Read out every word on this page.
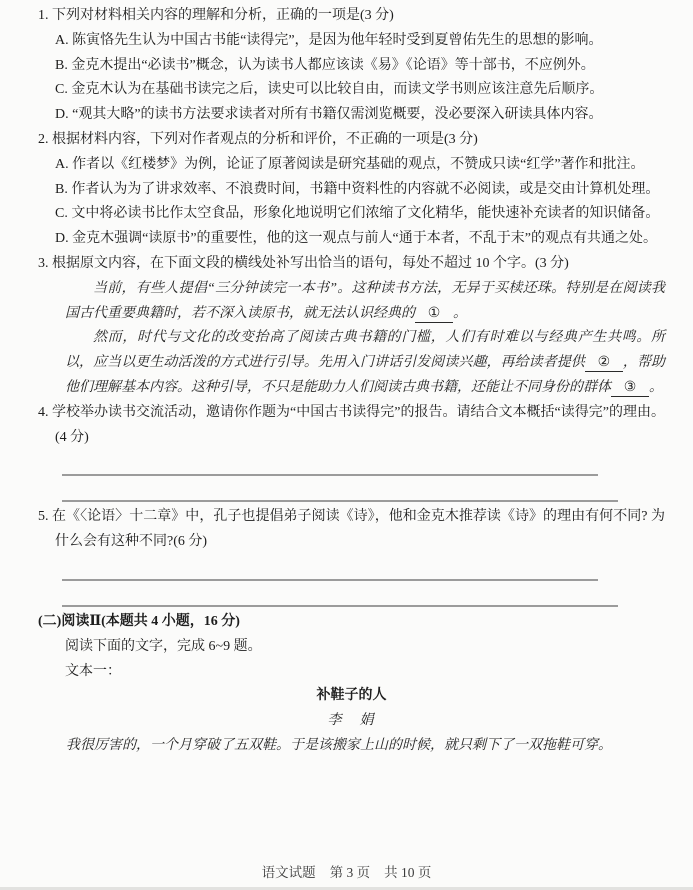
1. 下列对材料相关内容的理解和分析，正确的一项是(3 分)
A. 陈寅恪先生认为中国古书能“读得完”，是因为他年轻时受到夏曾佑先生的思想的影响。
B. 金克木提出“必读书”概念，认为读书人都应该读《易》《论语》等十部书，不应例外。
C. 金克木认为在基础书读完之后，读史可以比较自由，而读文学书则应该注意先后顺序。
D. “观其大略”的读书方法要求读者对所有书籍仅需浏览概要，没必要深入研读具体内容。
2. 根据材料内容，下列对作者观点的分析和评价，不正确的一项是(3 分)
A. 作者以《红楼梦》为例，论证了原著阅读是研究基础的观点，不赞成只读“红学”著作和批注。
B. 作者认为为了讲求效率、不浪费时间，书籍中资料性的内容就不必阅读，或是交由计算机处理。
C. 文中将必读书比作太空食品，形象化地说明它们浓缩了文化精华，能快速补充读者的知识储备。
D. 金克木强调“读原书”的重要性，他的这一观点与前人“通于本者，不乱于末”的观点有共通之处。
3. 根据原文内容，在下面文段的横线处补写出恰当的语句，每处不超过 10 个字。(3 分)

当前，有些人提倡“三分钟读完一本书”。这种读书方法，无异于买椟还珠。特别是在阅读我国古代重要典籍时，若不深入读原书，就无法认识经典的 ① 。

然而，时代与文化的改变抬高了阅读古典书籍的门槛，人们有时难以与经典产生共鸣。所以，应当以更生动活泼的方式进行引导。先用入门讲话引发阅读兴趣，再给读者提供 ② ，帮助他们理解基本内容。这种引导，不只是能助力人们阅读古典书籍，还能让不同身份的群体 ③ 。

4. 学校举办读书交流活动，邀请你作题为“中国古书读得完”的报告。请结合文本概括“读得完”的理由。(4 分)
5. 在《〈论语〉十二章》中，孔子也提倡弟子阅读《诗》，他和金克木推荐读《诗》的理由有何不同? 为什么会有这种不同?(6 分)
(二)阅读Ⅱ(本题共 4 小题，16 分)
阅读下面的文字，完成 6~9 题。
文本一：
补鞋子的人
李　娟
我很厉害的，一个月穿破了五双鞋。于是该搬家上山的时候，就只剩下了一双拖鞋可穿。
语文试题 第 3 页 共 10 页
